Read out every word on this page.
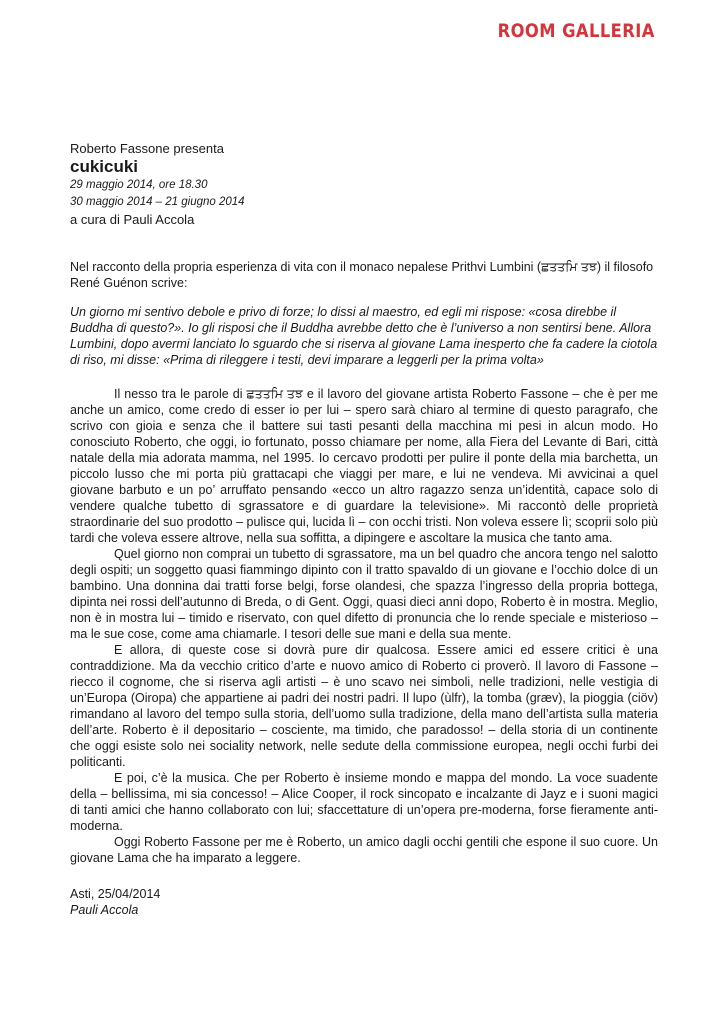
ROOM GALLERIA

Roberto Fassone presenta

cukicuki

29 maggio 2014, ore 18.30

30 maggio 2014 – 21 giugno 2014

a cura di Pauli Accola

Nel racconto della propria esperienza di vita con il monaco nepalese Prithvi Lumbini (ਛਤਤਮਿ ਤਝ) il filosofo René Guénon scrive:

Un giorno mi sentivo debole e privo di forze; lo dissi al maestro, ed egli mi rispose: «cosa direbbe il Buddha di questo?». Io gli risposi che il Buddha avrebbe detto che è l’universo a non sentirsi bene. Allora Lumbini, dopo avermi lanciato lo sguardo che si riserva al giovane Lama inesperto che fa cadere la ciotola di riso, mi disse: «Prima di rileggere i testi, devi imparare a leggerli per la prima volta»

Il nesso tra le parole di ਛਤਤਮਿ ਤਝ e il lavoro del giovane artista Roberto Fassone – che è per me anche un amico, come credo di esser io per lui – spero sarà chiaro al termine di questo paragrafo, che scrivo con gioia e senza che il battere sui tasti pesanti della macchina mi pesi in alcun modo. Ho conosciuto Roberto, che oggi, io fortunato, posso chiamare per nome, alla Fiera del Levante di Bari, città natale della mia adorata mamma, nel 1995. Io cercavo prodotti per pulire il ponte della mia barchetta, un piccolo lusso che mi porta più grattacapi che viaggi per mare, e lui ne vendeva. Mi avvicinai a quel giovane barbuto e un po’ arruffato pensando «ecco un altro ragazzo senza un’identità, capace solo di vendere qualche tubetto di sgrassatore e di guardare la televisione». Mi raccontò delle proprietà straordinarie del suo prodotto – pulisce qui, lucida lì – con occhi tristi. Non voleva essere lì; scoprii solo più tardi che voleva essere altrove, nella sua soffitta, a dipingere e ascoltare la musica che tanto ama.

Quel giorno non comprai un tubetto di sgrassatore, ma un bel quadro che ancora tengo nel salotto degli ospiti; un soggetto quasi fiammingo dipinto con il tratto spavaldo di un giovane e l’occhio dolce di un bambino. Una donnina dai tratti forse belgi, forse olandesi, che spazza l’ingresso della propria bottega, dipinta nei rossi dell’autunno di Breda, o di Gent. Oggi, quasi dieci anni dopo, Roberto è in mostra. Meglio, non è in mostra lui – timido e riservato, con quel difetto di pronuncia che lo rende speciale e misterioso – ma le sue cose, come ama chiamarle. I tesori delle sue mani e della sua mente.

E allora, di queste cose si dovrà pure dir qualcosa. Essere amici ed essere critici è una contraddizione. Ma da vecchio critico d’arte e nuovo amico di Roberto ci proverò. Il lavoro di Fassone – riecco il cognome, che si riserva agli artisti – è uno scavo nei simboli, nelle tradizioni, nelle vestigia di un’Europa (Oiropa) che appartiene ai padri dei nostri padri. Il lupo (ùlfr), la tomba (græv), la pioggia (ciöv) rimandano al lavoro del tempo sulla storia, dell’uomo sulla tradizione, della mano dell’artista sulla materia dell’arte. Roberto è il depositario – cosciente, ma timido, che paradosso! – della storia di un continente che oggi esiste solo nei sociality network, nelle sedute della commissione europea, negli occhi furbi dei politicanti.

E poi, c’è la musica. Che per Roberto è insieme mondo e mappa del mondo. La voce suadente della – bellissima, mi sia concesso! – Alice Cooper, il rock sincopato e incalzante di Jayz e i suoni magici di tanti amici che hanno collaborato con lui; sfaccettature di un’opera pre-moderna, forse fieramente anti-moderna.

Oggi Roberto Fassone per me è Roberto, un amico dagli occhi gentili che espone il suo cuore. Un giovane Lama che ha imparato a leggere.

Asti, 25/04/2014
Pauli Accola
